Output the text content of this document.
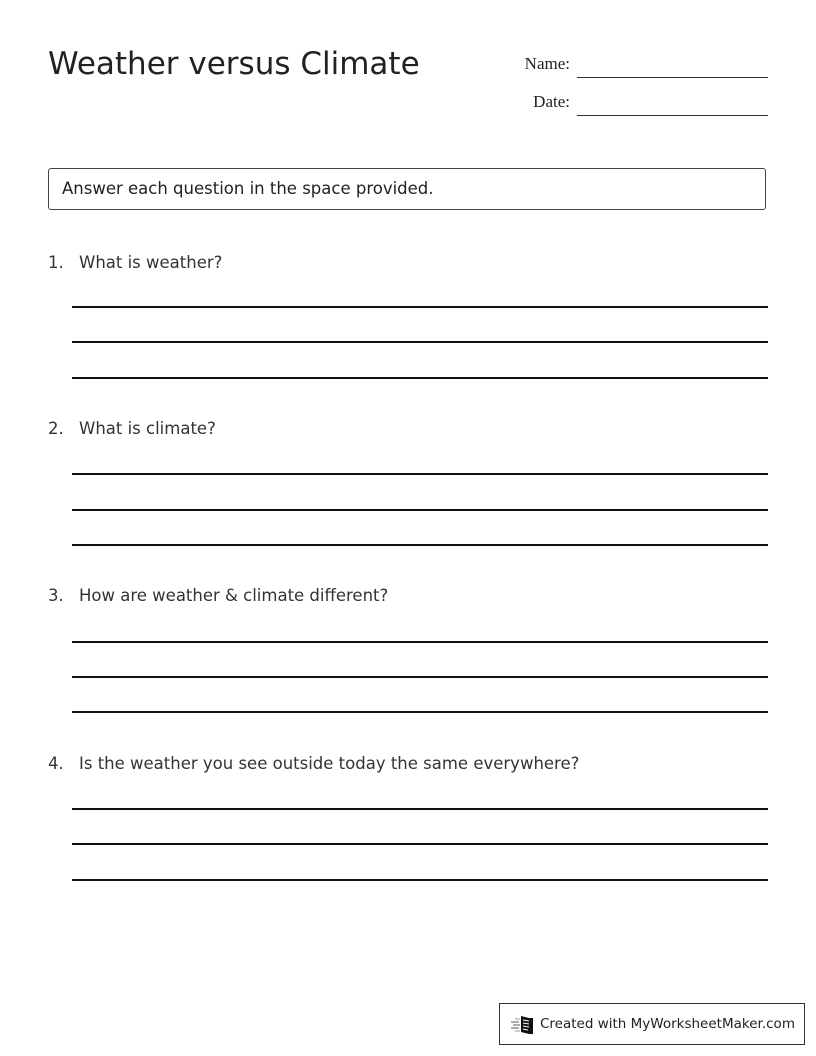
Weather versus Climate	Name:
Date:
Answer each question in the space provided.
1. What is weather?
2. What is climate?
3. How are weather & climate different?
4. Is the weather you see outside today the same everywhere?
Created with MyWorksheetMaker.com
